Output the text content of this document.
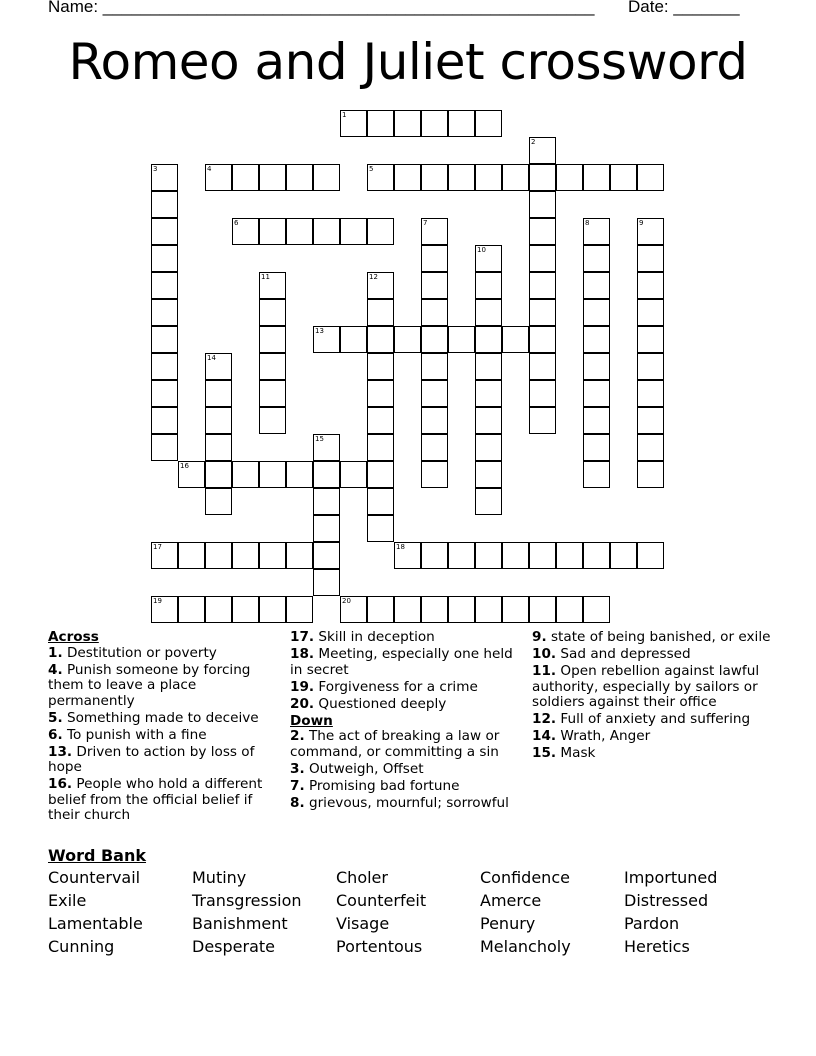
Name: ____________________________________________________ Date: _______
Romeo and Juliet crossword
1
2
3	4	5
6	7	8	9
10
11	12
13
14
15
16
17	18
19	20
Across
1. Destitution or poverty
4. Punish someone by forcing them to leave a place permanently
5. Something made to deceive
6. To punish with a fine
13. Driven to action by loss of hope
16. People who hold a different belief from the official belief if their church
17. Skill in deception
18. Meeting, especially one held in secret
19. Forgiveness for a crime
20. Questioned deeply
Down
2. The act of breaking a law or command, or committing a sin
3. Outweigh, Offset
7. Promising bad fortune
8. grievous, mournful; sorrowful
9. state of being banished, or exile
10. Sad and depressed
11. Open rebellion against lawful authority, especially by sailors or soldiers against their office
12. Full of anxiety and suffering
14. Wrath, Anger
15. Mask
Word Bank
Countervail	Mutiny	Choler	Confidence	Importuned
Exile	Transgression	Counterfeit	Amerce	Distressed
Lamentable	Banishment	Visage	Penury	Pardon
Cunning	Desperate	Portentous	Melancholy	Heretics
